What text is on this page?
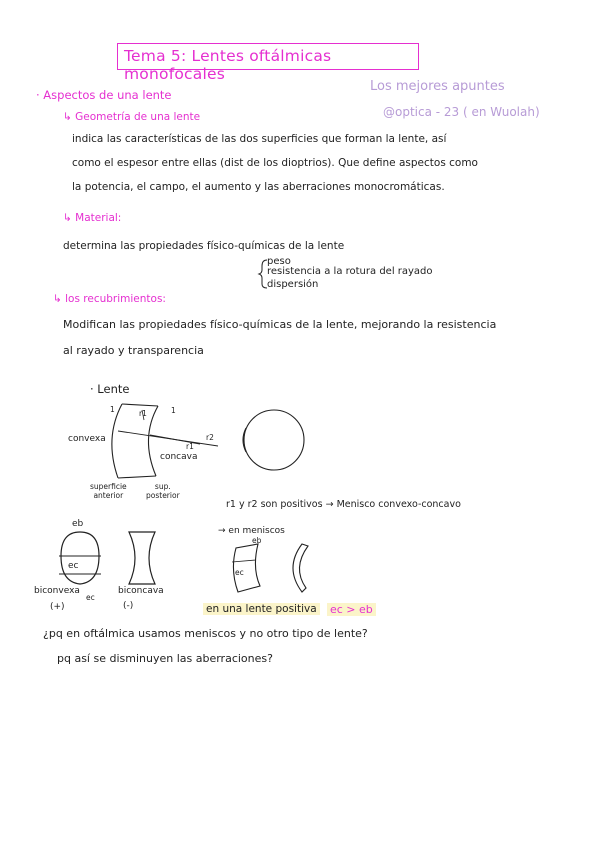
Tema 5: Lentes oftálmicas monofocales
Los mejores apuntes
@optica - 23 ( en Wuolah)
· Aspectos de una lente
↳ Geometría de una lente
indica las características de las dos superficies que forman la lente, así
como el espesor entre ellas (dist de los dioptrios). Que define aspectos como
la potencia, el campo, el aumento y las aberraciones monocromáticas.
↳ Material:
determina las propiedades físico-químicas de la lente
peso
resistencia a la rotura del rayado
dispersión
↳ los recubrimientos:
Modifican las propiedades físico-químicas de la lente, mejorando la resistencia
al rayado y transparencia
· Lente
1	r1	1
convexa	r2
r1
concava
superficie
anterior
sup.
posterior
r1 y r2 son positivos → Menisco convexo-concavo
eb
ec
biconvexa
ec
(+)
biconcava
(-)
→ en meniscos
eb
ec
en una lente positiva ec > eb
¿pq en oftálmica usamos meniscos y no otro tipo de lente?
pq así se disminuyen las aberraciones?
